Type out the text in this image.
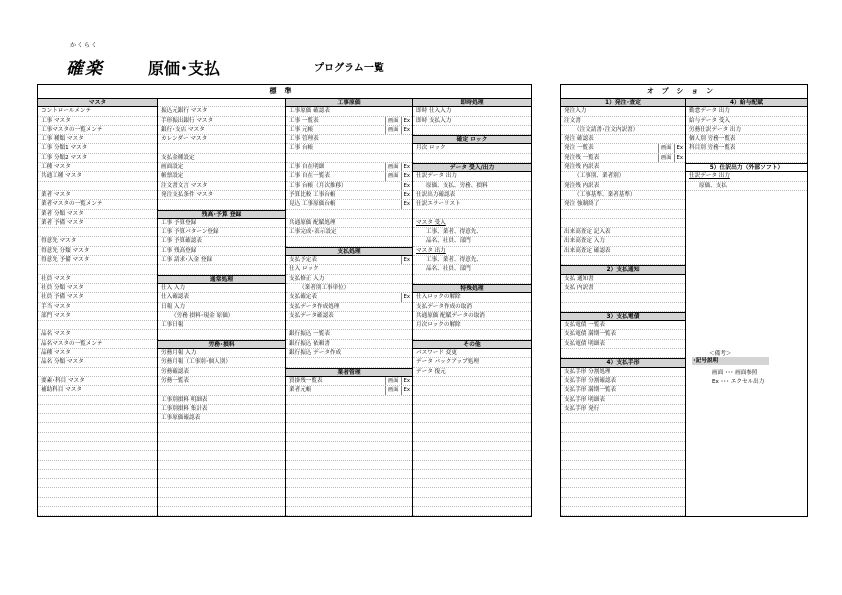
かくらく
確楽	原価･支払	プログラム一覧
標準
マスタ
コントロールメンテ
工事 マスタ
工事マスタの一覧メンテ
工事 種類 マスタ
工事 分類1 マスタ
工事 分類2 マスタ
工種 マスタ
共通工種 マスタ
業者 マスタ
業者マスタの一覧メンテ
業者 分類 マスタ
業者 予備 マスタ
得意先 マスタ
得意先 分類 マスタ
得意先 予備 マスタ
社員 マスタ
社員 分類 マスタ
社員 予備 マスタ
手当 マスタ
部門 マスタ
品名 マスタ
品名マスタの一覧メンテ
品種 マスタ
品名 分類 マスタ
要素･科目 マスタ
補助科目 マスタ
振込元銀行 マスタ
手形振出銀行 マスタ
銀行･支店 マスタ
カレンダー マスタ
支払金種設定
画面設定
帳票設定
注文書文言 マスタ
発注支払条件 マスタ
残高･予算 登録
工事 予算登録
工事 予算パターン登録
工事 予算確認表
工事 残高登録
工事 請求･入金 登録
通常処理
仕入 入力
仕入確認表
日報 入力
（労務 損料･現金 原価）
工事日報
労務･損料
労務月報 入力
労務月報（工事別･個人別）
労務確認表
労務一覧表
工事別損料 明細表
工事別損料 集計表
工事原価確認表
工事原価
工事原価 確認表
工事 一覧表	画面 Ex
工事 元帳	画面 Ex
工事 管理表
工事 台帳
工事 自在明細	画面 Ex
工事 自在一覧表	画面 Ex
工事 台帳（月次推移）	Ex
予算比較 工事台帳	Ex
見込 工事原価台帳	Ex
共通原価 配賦処理
工事完成･表示設定
支払処理
支払予定表	Ex
仕入 ロック
支払修正 入力
（業者別工事単位）
支払確定表	Ex
支払データ作成処理
支払データ確認表
銀行振込 一覧表
銀行振込 依頼書
銀行振込 データ作成
業者管理
買掛残一覧表	画面 Ex
業者元帳	画面 Ex
即時処理
即時 仕入入力
即時 支払入力
確定 ロック
月次 ロック
データ 受入/出力
仕訳データ 出力
原価、支払、労務、損料
仕訳出力確認表
仕訳エラーリスト
マスタ 受入
工事、業者、得意先、
品名、社員、部門
マスタ 出力
工事、業者、得意先、
品名、社員、部門
特殊処理
仕入ロックの解除
支払データ作成の取消
共通原価 配賦データの取消
月次ロックの解除
その他
パスワード 変更
データ バックアップ処理
データ 復元
オプション
1）発注･査定
発注入力
注文書
（注文請書･注文内訳書）
発注 確認表
発注 一覧表	画面 Ex
発注残 一覧表	画面 Ex
発注残 内訳表
（工事別、業者別）
発注残 内訳表
（工事基準、業者基準）
発注 強制終了
出来高査定 記入表
出来高査定 入力
出来高査定 確認表
2）支払通知
支払 通知書
支払 内訳書
3）支払電債
支払電債 一覧表
支払電債 満期一覧表
支払電債 明細表
4）支払手形
支払手形 分割処理
支払手形 分割確認表
支払手形 満期一覧表
支払手形 明細表
支払手形 発行
4）給与配賦
勤怠データ 出力
給与データ 受入
労務仕訳データ 出力
個人別 労務一覧表
科目別 労務一覧表
5）仕訳出力（外部ソフト）
仕訳データ 出力
原価、支払
＜備考＞
･記号説明
画面 ･･･ 画面参照
Ex ･･･ エクセル出力
